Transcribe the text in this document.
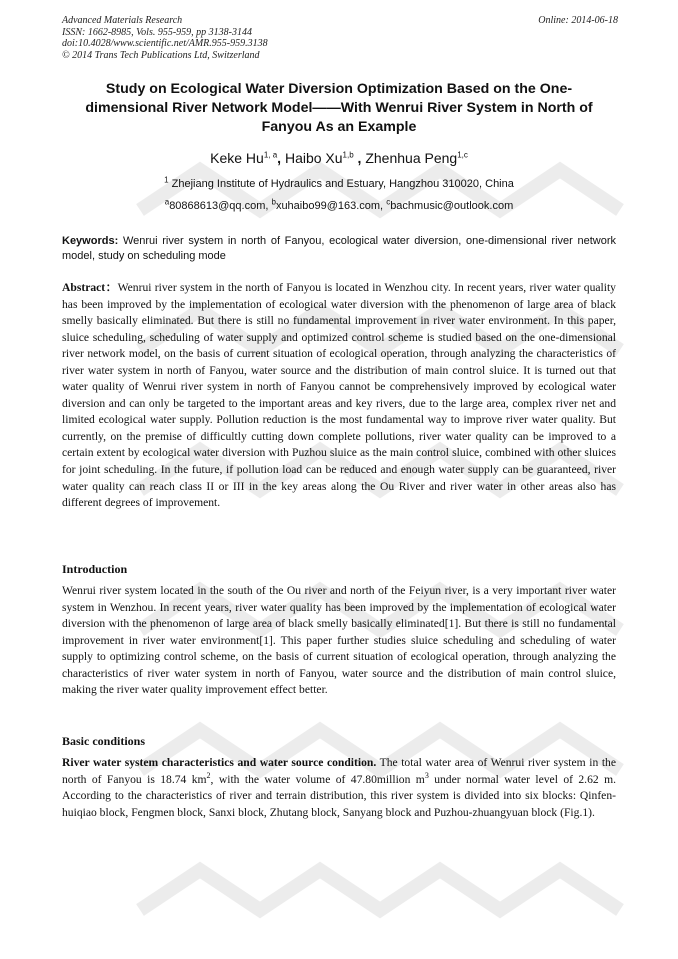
Advanced Materials Research
ISSN: 1662-8985, Vols. 955-959, pp 3138-3144
doi:10.4028/www.scientific.net/AMR.955-959.3138
© 2014 Trans Tech Publications Ltd, Switzerland
Online: 2014-06-18
Study on Ecological Water Diversion Optimization Based on the One-dimensional River Network Model——With Wenrui River System in North of Fanyou As an Example
Keke Hu$^{1, a}$, Haibo Xu$^{1,b}$ , Zhenhua Peng$^{1,c}$
$^1$ Zhejiang Institute of Hydraulics and Estuary, Hangzhou 310020, China
$^a$80868613@qq.com, $^b$xuhaibo99@163.com, $^c$bachmusic@outlook.com
Keywords: Wenrui river system in north of Fanyou, ecological water diversion, one-dimensional river network model, study on scheduling mode
Abstract：Wenrui river system in the north of Fanyou is located in Wenzhou city. In recent years, river water quality has been improved by the implementation of ecological water diversion with the phenomenon of large area of black smelly basically eliminated. But there is still no fundamental improvement in river water environment. In this paper, sluice scheduling, scheduling of water supply and optimized control scheme is studied based on the one-dimensional river network model, on the basis of current situation of ecological operation, through analyzing the characteristics of river water system in north of Fanyou, water source and the distribution of main control sluice. It is turned out that water quality of Wenrui river system in north of Fanyou cannot be comprehensively improved by ecological water diversion and can only be targeted to the important areas and key rivers, due to the large area, complex river net and limited ecological water supply. Pollution reduction is the most fundamental way to improve river water quality. But currently, on the premise of difficultly cutting down complete pollutions, river water quality can be improved to a certain extent by ecological water diversion with Puzhou sluice as the main control sluice, combined with other sluices for joint scheduling. In the future, if pollution load can be reduced and enough water supply can be guaranteed, river water quality can reach class II or III in the key areas along the Ou River and river water in other areas also has different degrees of improvement.
Introduction
Wenrui river system located in the south of the Ou river and north of the Feiyun river, is a very important river water system in Wenzhou. In recent years, river water quality has been improved by the implementation of ecological water diversion with the phenomenon of large area of black smelly basically eliminated[1]. But there is still no fundamental improvement in river water environment[1]. This paper further studies sluice scheduling and scheduling of water supply to optimizing control scheme, on the basis of current situation of ecological operation, through analyzing the characteristics of river water system in north of Fanyou, water source and the distribution of main control sluice, making the river water quality improvement effect better.
Basic conditions
River water system characteristics and water source condition. The total water area of Wenrui river system in the north of Fanyou is 18.74 $km^2$, with the water volume of 47.80million $m^3$ under normal water level of 2.62 m. According to the characteristics of river and terrain distribution, this river system is divided into six blocks: Qinfen-huiqiao block, Fengmen block, Sanxi block, Zhutang block, Sanyang block and Puzhou-zhuangyuan block (Fig.1).
